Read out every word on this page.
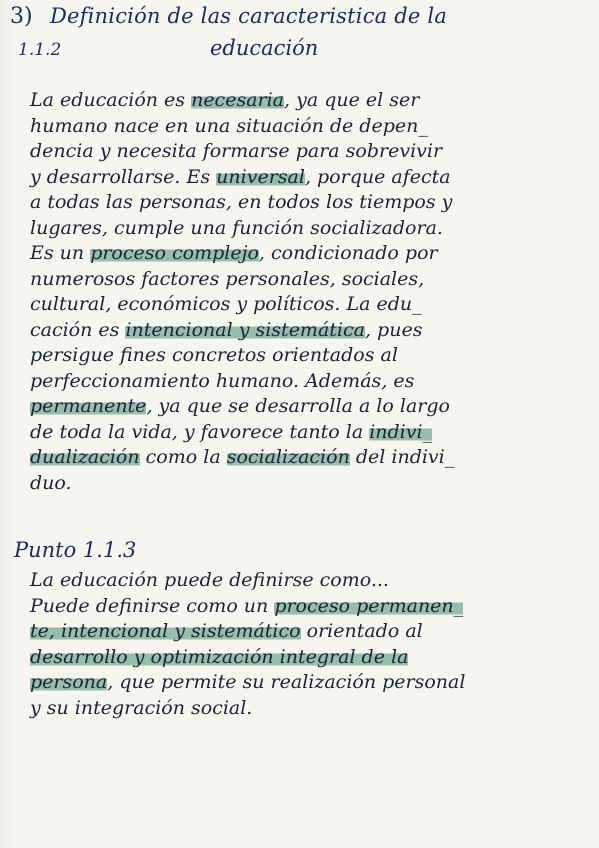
3) Definición de las caracteristica de la
1.1.2	educación
La educación es necesaria, ya que el ser
humano nace en una situación de depen_
dencia y necesita formarse para sobrevivir
y desarrollarse. Es universal, porque afecta
a todas las personas, en todos los tiempos y
lugares, cumple una función socializadora.
Es un proceso complejo, condicionado por
numerosos factores personales, sociales,
cultural, económicos y políticos. La edu_
cación es intencional y sistemática, pues
persigue fines concretos orientados al
perfeccionamiento humano. Además, es
permanente, ya que se desarrolla a lo largo
de toda la vida, y favorece tanto la indivi_
dualización como la socialización del indivi_
duo.
Punto 1.1.3
La educación puede definirse como...
Puede definirse como un proceso permanen_
te, intencional y sistemático orientado al
desarrollo y optimización integral de la
persona, que permite su realización personal
y su integración social.
